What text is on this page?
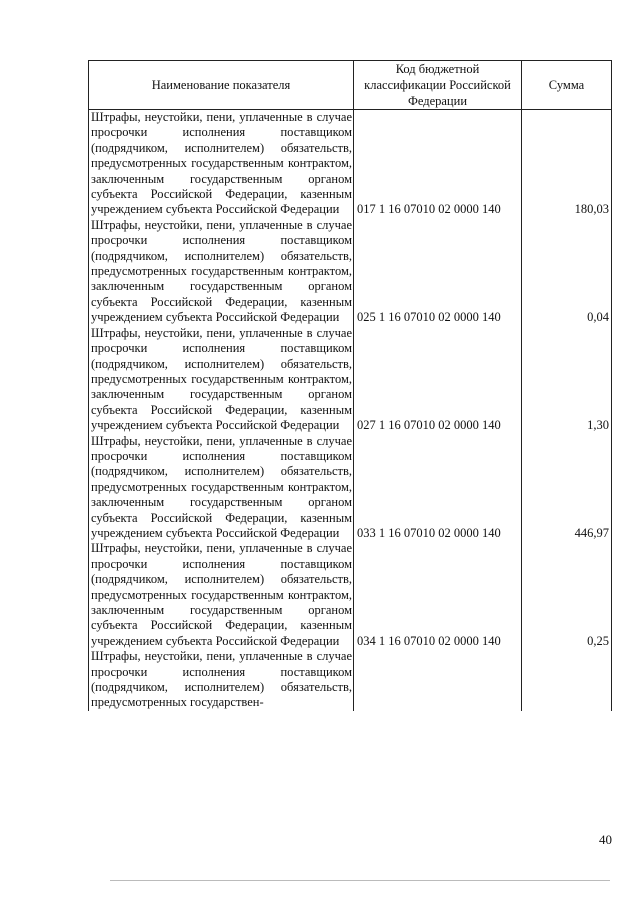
Наименование показателя	Код бюджетной классификации Российской Федерации	Сумма
Штрафы, неустойки, пени, уплаченные в случае просрочки исполнения поставщиком (подрядчиком, исполнителем) обязательств, предусмотренных государственным контрактом, заключенным государственным органом субъекта Российской Федерации, казенным учреждением субъекта Российской Федерации	017 1 16 07010 02 0000 140	180,03
Штрафы, неустойки, пени, уплаченные в случае просрочки исполнения поставщиком (подрядчиком, исполнителем) обязательств, предусмотренных государственным контрактом, заключенным государственным органом субъекта Российской Федерации, казенным учреждением субъекта Российской Федерации	025 1 16 07010 02 0000 140	0,04
Штрафы, неустойки, пени, уплаченные в случае просрочки исполнения поставщиком (подрядчиком, исполнителем) обязательств, предусмотренных государственным контрактом, заключенным государственным органом субъекта Российской Федерации, казенным учреждением субъекта Российской Федерации	027 1 16 07010 02 0000 140	1,30
Штрафы, неустойки, пени, уплаченные в случае просрочки исполнения поставщиком (подрядчиком, исполнителем) обязательств, предусмотренных государственным контрактом, заключенным государственным органом субъекта Российской Федерации, казенным учреждением субъекта Российской Федерации	033 1 16 07010 02 0000 140	446,97
Штрафы, неустойки, пени, уплаченные в случае просрочки исполнения поставщиком (подрядчиком, исполнителем) обязательств, предусмотренных государственным контрактом, заключенным государственным органом субъекта Российской Федерации, казенным учреждением субъекта Российской Федерации	034 1 16 07010 02 0000 140	0,25
Штрафы, неустойки, пени, уплаченные в случае просрочки исполнения поставщиком (подрядчиком, исполнителем) обязательств, предусмотренных государствен-		
40
